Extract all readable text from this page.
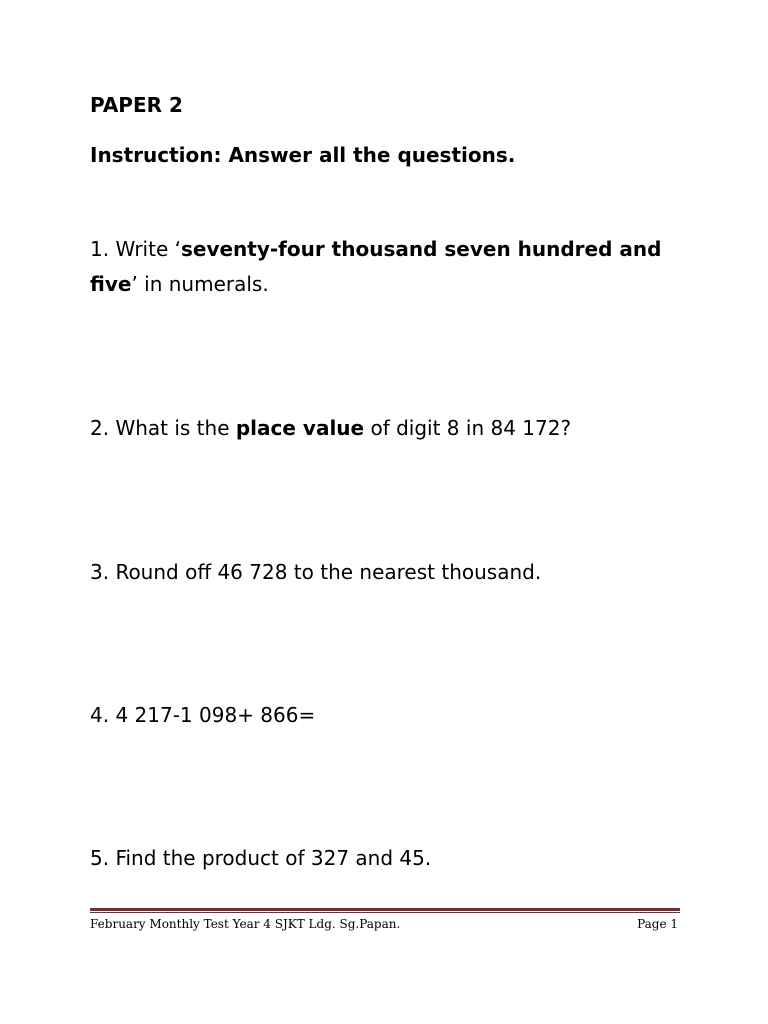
PAPER 2

Instruction: Answer all the questions.

1. Write ‘seventy-four thousand seven hundred and

five’ in numerals.

2. What is the place value of digit 8 in 84 172?

3. Round off 46 728 to the nearest thousand.

4. 4 217-1 098+ 866=

5. Find the product of 327 and 45.

February Monthly Test Year 4 SJKT Ldg. Sg.Papan.	Page 1
